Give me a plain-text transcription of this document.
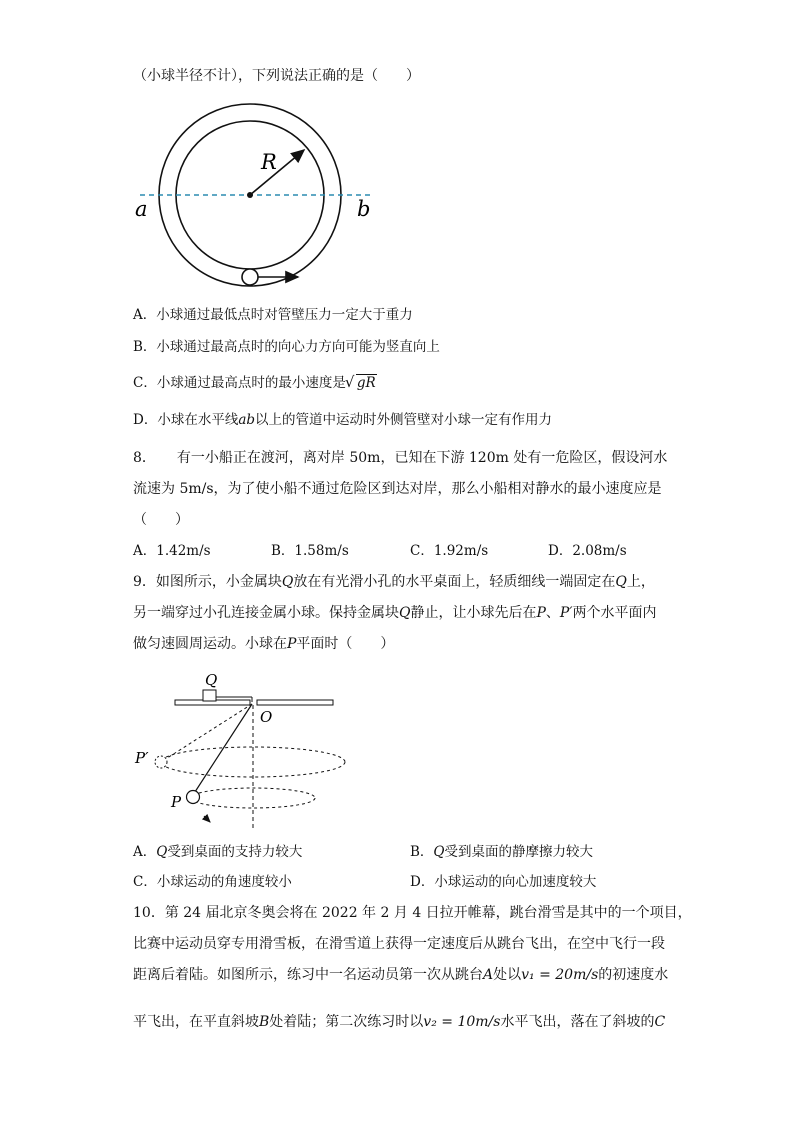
（小球半径不计），下列说法正确的是（　　）
R
a	b
A．小球通过最低点时对管壁压力一定大于重力
B．小球通过最高点时的向心力方向可能为竖直向上
C．小球通过最高点时的最小速度是√ gR
D．小球在水平线ab以上的管道中运动时外侧管壁对小球一定有作用力
8．　　有一小船正在渡河，离对岸 50m，已知在下游 120m 处有一危险区，假设河水
流速为 5m/s，为了使小船不通过危险区到达对岸，那么小船相对静水的最小速度应是
（　　）
A．1.42m/s	B．1.58m/s	C．1.92m/s	D．2.08m/s
9．如图所示，小金属块Q放在有光滑小孔的水平桌面上，轻质细线一端固定在Q上，
另一端穿过小孔连接金属小球。保持金属块Q静止，让小球先后在P、P′两个水平面内
做匀速圆周运动。小球在P平面时（　　）
Q
O
P′
P
A．Q受到桌面的支持力较大	B．Q受到桌面的静摩擦力较大
C．小球运动的角速度较小	D．小球运动的向心加速度较大
10．第 24 届北京冬奥会将在 2022 年 2 月 4 日拉开帷幕，跳台滑雪是其中的一个项目，
比赛中运动员穿专用滑雪板，在滑雪道上获得一定速度后从跳台飞出，在空中飞行一段
距离后着陆。如图所示，练习中一名运动员第一次从跳台A处以v₁ = 20m/s的初速度水
平飞出，在平直斜坡B处着陆；第二次练习时以v₂ = 10m/s水平飞出，落在了斜坡的C
